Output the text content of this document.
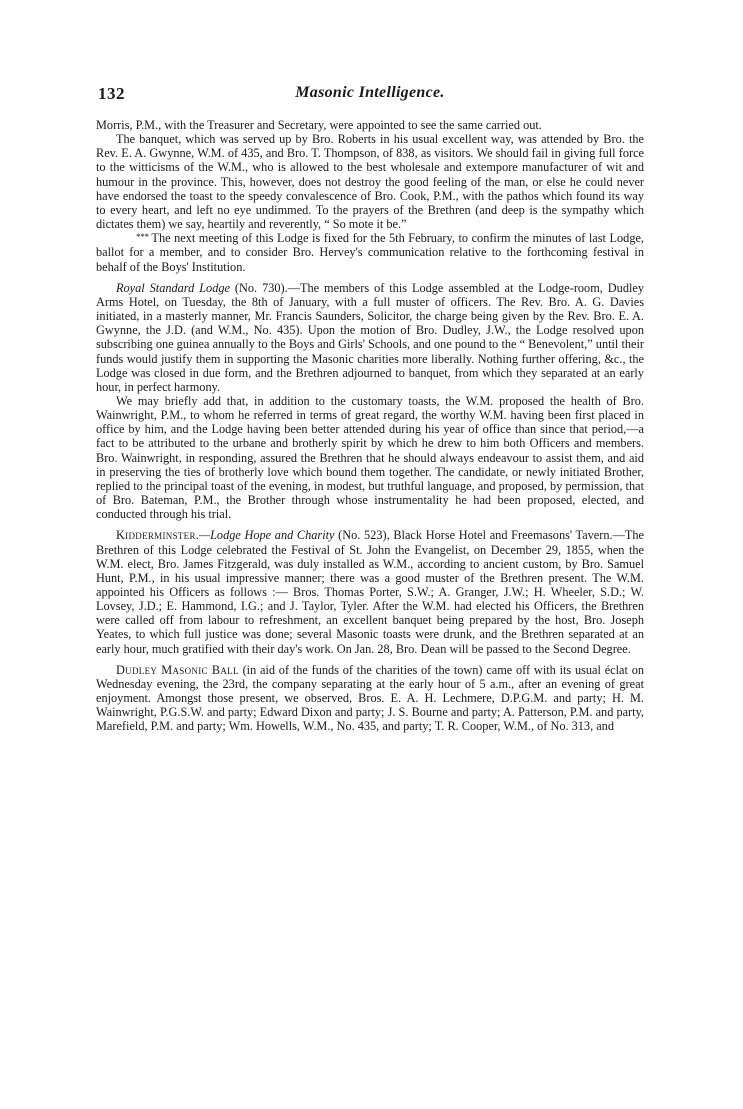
132	Masonic Intelligence.

Morris, P.M., with the Treasurer and Secretary, were appointed to see the same carried out.

The banquet, which was served up by Bro. Roberts in his usual excellent way, was attended by Bro. the Rev. E. A. Gwynne, W.M. of 435, and Bro. T. Thompson, of 838, as visitors. We should fail in giving full force to the witticisms of the W.M., who is allowed to the best wholesale and extempore manufacturer of wit and humour in the province. This, however, does not destroy the good feeling of the man, or else he could never have endorsed the toast to the speedy convalescence of Bro. Cook, P.M., with the pathos which found its way to every heart, and left no eye undimmed. To the prayers of the Brethren (and deep is the sympathy which dictates them) we say, heartily and reverently, “ So mote it be.”

* * * The next meeting of this Lodge is fixed for the 5th February, to confirm the minutes of last Lodge, ballot for a member, and to consider Bro. Hervey's communication relative to the forthcoming festival in behalf of the Boys' Institution.

Royal Standard Lodge (No. 730).—The members of this Lodge assembled at the Lodge-room, Dudley Arms Hotel, on Tuesday, the 8th of January, with a full muster of officers. The Rev. Bro. A. G. Davies initiated, in a masterly manner, Mr. Francis Saunders, Solicitor, the charge being given by the Rev. Bro. E. A. Gwynne, the J.D. (and W.M., No. 435). Upon the motion of Bro. Dudley, J.W., the Lodge resolved upon subscribing one guinea annually to the Boys and Girls' Schools, and one pound to the “ Benevolent,” until their funds would justify them in supporting the Masonic charities more liberally. Nothing further offering, &c., the Lodge was closed in due form, and the Brethren adjourned to banquet, from which they separated at an early hour, in perfect harmony.

We may briefly add that, in addition to the customary toasts, the W.M. proposed the health of Bro. Wainwright, P.M., to whom he referred in terms of great regard, the worthy W.M. having been first placed in office by him, and the Lodge having been better attended during his year of office than since that period,—a fact to be attributed to the urbane and brotherly spirit by which he drew to him both Officers and members. Bro. Wainwright, in responding, assured the Brethren that he should always endeavour to assist them, and aid in preserving the ties of brotherly love which bound them together. The candidate, or newly initiated Brother, replied to the principal toast of the evening, in modest, but truthful language, and proposed, by permission, that of Bro. Bateman, P.M., the Brother through whose instrumentality he had been proposed, elected, and conducted through his trial.

Kidderminster.—Lodge Hope and Charity (No. 523), Black Horse Hotel and Freemasons' Tavern.—The Brethren of this Lodge celebrated the Festival of St. John the Evangelist, on December 29, 1855, when the W.M. elect, Bro. James Fitzgerald, was duly installed as W.M., according to ancient custom, by Bro. Samuel Hunt, P.M., in his usual impressive manner; there was a good muster of the Brethren present. The W.M. appointed his Officers as follows :— Bros. Thomas Porter, S.W.; A. Granger, J.W.; H. Wheeler, S.D.; W. Lovsey, J.D.; E. Hammond, I.G.; and J. Taylor, Tyler. After the W.M. had elected his Officers, the Brethren were called off from labour to refreshment, an excellent banquet being prepared by the host, Bro. Joseph Yeates, to which full justice was done; several Masonic toasts were drunk, and the Brethren separated at an early hour, much gratified with their day's work. On Jan. 28, Bro. Dean will be passed to the Second Degree.

Dudley Masonic Ball (in aid of the funds of the charities of the town) came off with its usual éclat on Wednesday evening, the 23rd, the company separating at the early hour of 5 a.m., after an evening of great enjoyment. Amongst those present, we observed, Bros. E. A. H. Lechmere, D.P.G.M. and party; H. M. Wainwright, P.G.S.W. and party; Edward Dixon and party; J. S. Bourne and party; A. Patterson, P.M. and party, Marefield, P.M. and party; Wm. Howells, W.M., No. 435, and party; T. R. Cooper, W.M., of No. 313, and
